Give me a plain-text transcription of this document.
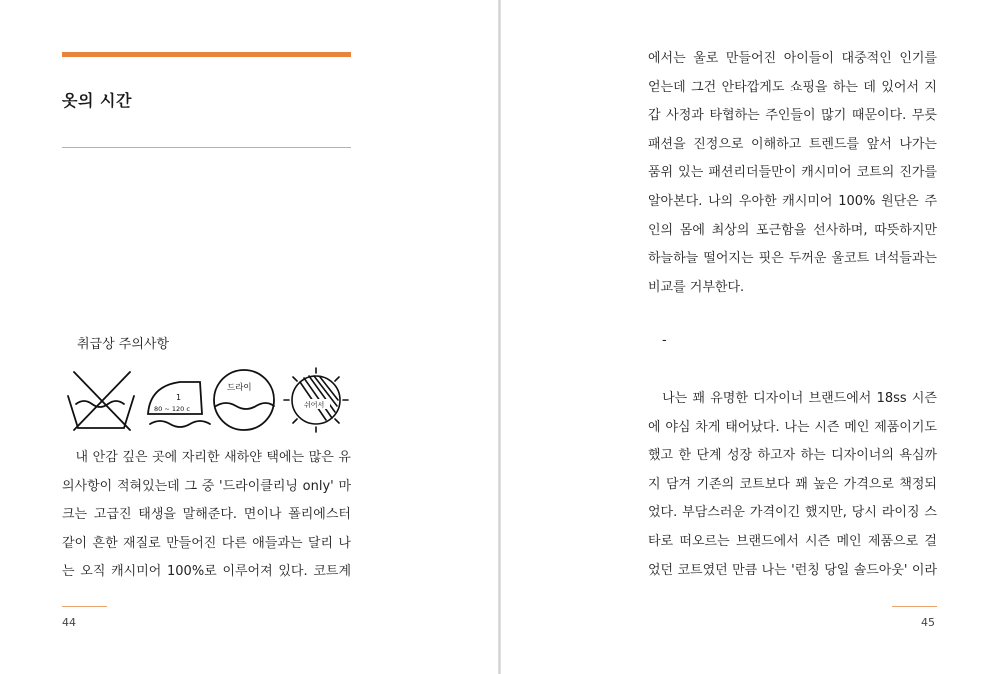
옷의 시간
취급상 주의사항
1
80 ~ 120 c
드라이
쉬어서
　내 안감 깊은 곳에 자리한 새하얀 택에는 많은 유
의사항이 적혀있는데 그 중 '드라이클리닝 only' 마
크는 고급진 태생을 말해준다. 면이나 폴리에스터
같이 흔한 재질로 만들어진 다른 애들과는 달리 나
는 오직 캐시미어 100%로 이루어져 있다. 코트계
44
에서는 울로 만들어진 아이들이 대중적인 인기를
얻는데 그건 안타깝게도 쇼핑을 하는 데 있어서 지
갑 사정과 타협하는 주인들이 많기 때문이다. 무릇
패션을 진정으로 이해하고 트렌드를 앞서 나가는
품위 있는 패션리더들만이 캐시미어 코트의 진가를
알아본다. 나의 우아한 캐시미어 100% 원단은 주
인의 몸에 최상의 포근함을 선사하며, 따뜻하지만
하늘하늘 떨어지는 핏은 두꺼운 울코트 녀석들과는
비교를 거부한다.
-
　나는 꽤 유명한 디자이너 브랜드에서 18ss 시즌
에 야심 차게 태어났다. 나는 시즌 메인 제품이기도
했고 한 단계 성장 하고자 하는 디자이너의 욕심까
지 담겨 기존의 코트보다 꽤 높은 가격으로 책정되
었다. 부담스러운 가격이긴 했지만, 당시 라이징 스
타로 떠오르는 브랜드에서 시즌 메인 제품으로 걸
었던 코트였던 만큼 나는 '런칭 당일 솔드아웃' 이라
45
